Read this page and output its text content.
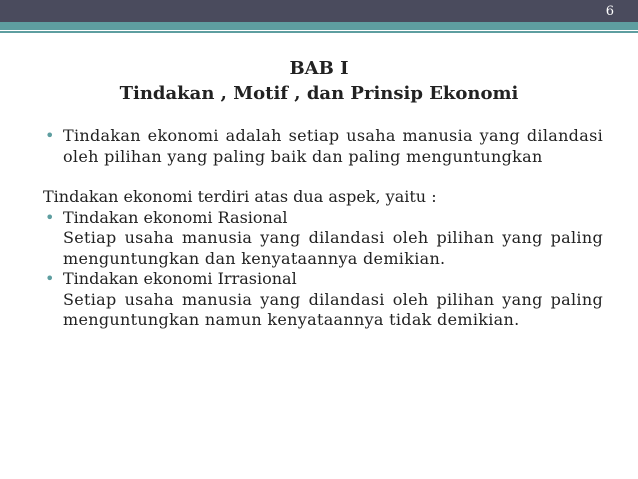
6
BAB I
Tindakan , Motif , dan Prinsip Ekonomi
• Tindakan ekonomi adalah setiap usaha manusia yang dilandasi oleh pilihan yang paling baik dan paling menguntungkan
Tindakan ekonomi terdiri atas dua aspek, yaitu :
• Tindakan ekonomi Rasional
Setiap usaha manusia yang dilandasi oleh pilihan yang paling menguntungkan dan kenyataannya demikian.
• Tindakan ekonomi Irrasional
Setiap usaha manusia yang dilandasi oleh pilihan yang paling menguntungkan namun kenyataannya tidak demikian.
